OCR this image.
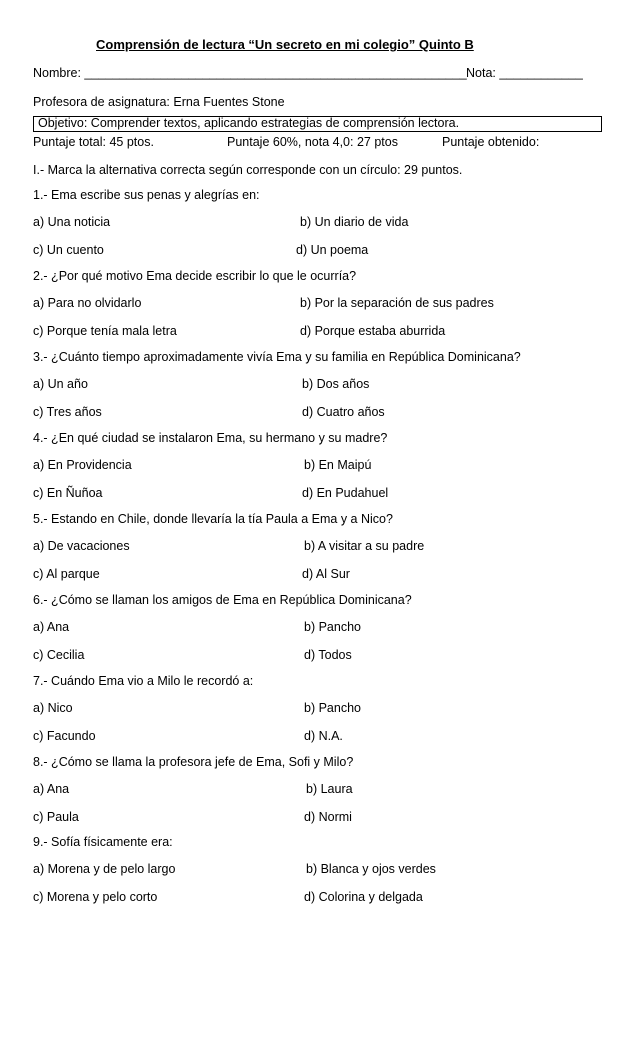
Comprensión de lectura “Un secreto en mi colegio” Quinto B
Nombre: _______________________________________________________ Nota: ____________
Profesora de asignatura: Erna Fuentes Stone
Objetivo: Comprender textos, aplicando estrategias de comprensión lectora.
Puntaje total: 45 ptos.	Puntaje 60%, nota 4,0: 27 ptos	Puntaje obtenido:
I.- Marca la alternativa correcta según corresponde con un círculo: 29 puntos.
1.- Ema escribe sus penas y alegrías en:
a) Una noticia	b) Un diario de vida
c) Un cuento	d) Un poema
2.- ¿Por qué motivo Ema decide escribir lo que le ocurría?
a) Para no olvidarlo	b) Por la separación de sus padres
c) Porque tenía mala letra	d) Porque estaba aburrida
3.- ¿Cuánto tiempo aproximadamente vivía Ema y su familia en República Dominicana?
a) Un año	b) Dos años
c) Tres años	d) Cuatro años
4.- ¿En qué ciudad se instalaron Ema, su hermano y su madre?
a) En Providencia	b) En Maipú
c) En Ñuñoa	d) En Pudahuel
5.- Estando en Chile, donde llevaría la tía Paula a Ema y a Nico?
a) De vacaciones	b) A visitar a su padre
c) Al parque	d) Al Sur
6.- ¿Cómo se llaman los amigos de Ema en República Dominicana?
a) Ana	b) Pancho
c) Cecilia	d) Todos
7.- Cuándo Ema vio a Milo le recordó a:
a) Nico	b) Pancho
c) Facundo	d) N.A.
8.- ¿Cómo se llama la profesora jefe de Ema, Sofi y Milo?
a) Ana	b) Laura
c) Paula	d) Normi
9.- Sofía físicamente era:
a) Morena y de pelo largo	b) Blanca y ojos verdes
c) Morena y pelo corto	d) Colorina y delgada
